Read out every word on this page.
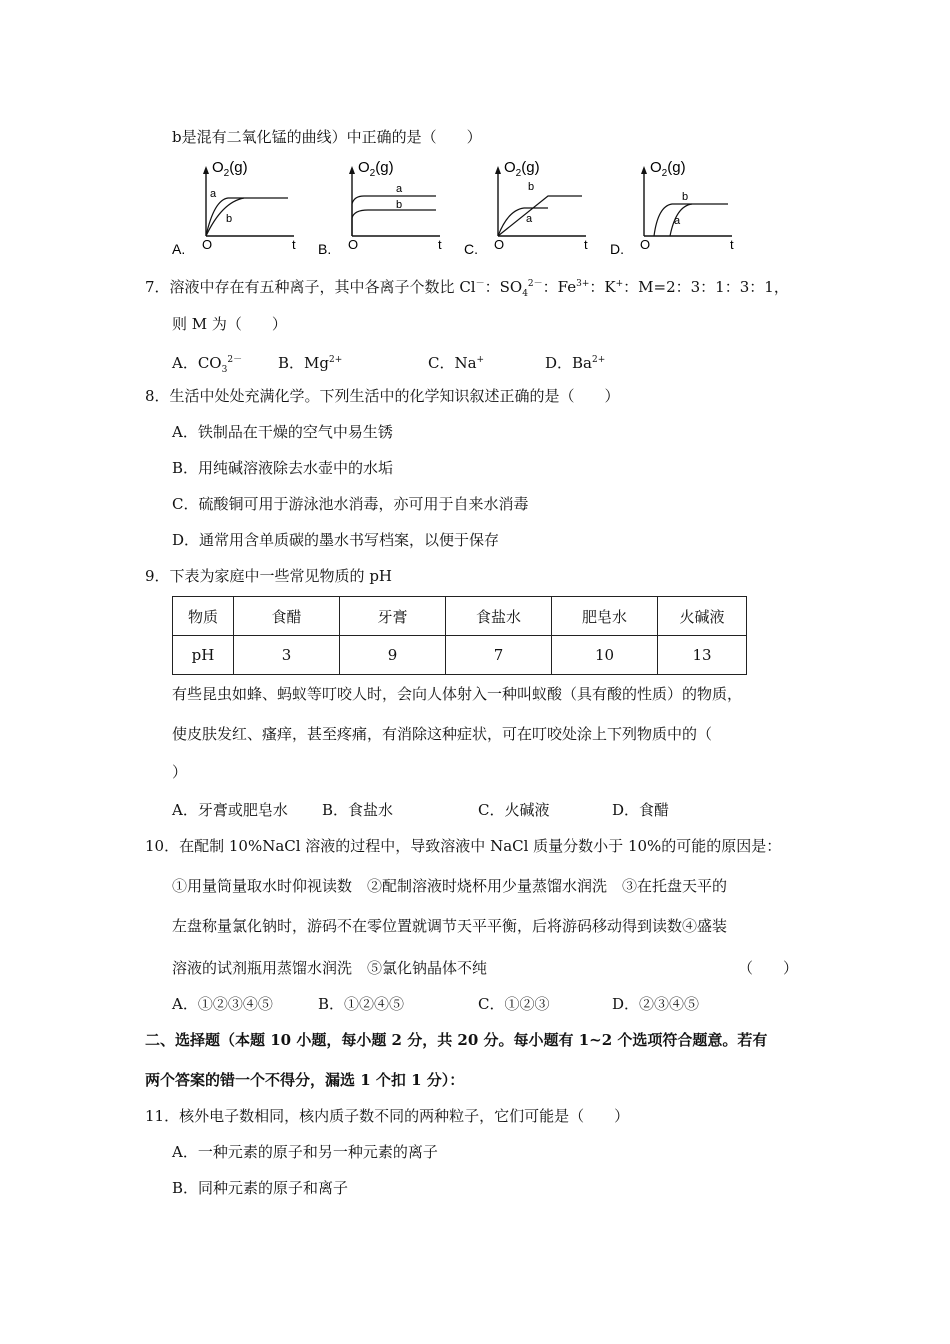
b是混有二氧化锰的曲线）中正确的是（　　）
A.
$O_2(g)$
O	t
a
b
B.
$O_2(g)$
O	t
a
b
C.
$O_2(g)$
O	t
a
b
D.
$O_2(g)$
O	t
a
b
7．溶液中存在有五种离子，其中各离子个数比 Cl－：$SO_4^{2-}$：$Fe^{3+}$：K+：M=2：3：1：3：1，
则 M 为（　　）
A．$CO_3^{2-}$ B．$Mg^{2+}$	C．Na+	D．$Ba^{2+}$
8．生活中处处充满化学。下列生活中的化学知识叙述正确的是（　　）
A．铁制品在干燥的空气中易生锈
B．用纯碱溶液除去水壶中的水垢
C．硫酸铜可用于游泳池水消毒，亦可用于自来水消毒
D．通常用含单质碳的墨水书写档案，以便于保存
9．下表为家庭中一些常见物质的 pH
物质	食醋	牙膏	食盐水	肥皂水	火碱液
pH	3	9	7	10	13
有些昆虫如蜂、蚂蚁等叮咬人时，会向人体射入一种叫蚁酸（具有酸的性质）的物质，
使皮肤发红、瘙痒，甚至疼痛，有消除这种症状，可在叮咬处涂上下列物质中的（
）
A．牙膏或肥皂水 B．食盐水	C．火碱液	D．食醋
10．在配制 10%NaCl 溶液的过程中，导致溶液中 NaCl 质量分数小于 10%的可能的原因是：
①用量筒量取水时仰视读数　②配制溶液时烧杯用少量蒸馏水润洗　③在托盘天平的
左盘称量氯化钠时，游码不在零位置就调节天平平衡，后将游码移动得到读数④盛装
溶液的试剂瓶用蒸馏水润洗　⑤氯化钠晶体不纯	（　　）
A．①②③④⑤	B．①②④⑤	C．①②③	D．②③④⑤
二、选择题（本题 10 小题，每小题 2 分，共 20 分。每小题有 1~2 个选项符合题意。若有
两个答案的错一个不得分，漏选 1 个扣 1 分）：
11．核外电子数相同，核内质子数不同的两种粒子，它们可能是（　　）
A．一种元素的原子和另一种元素的离子
B．同种元素的原子和离子
